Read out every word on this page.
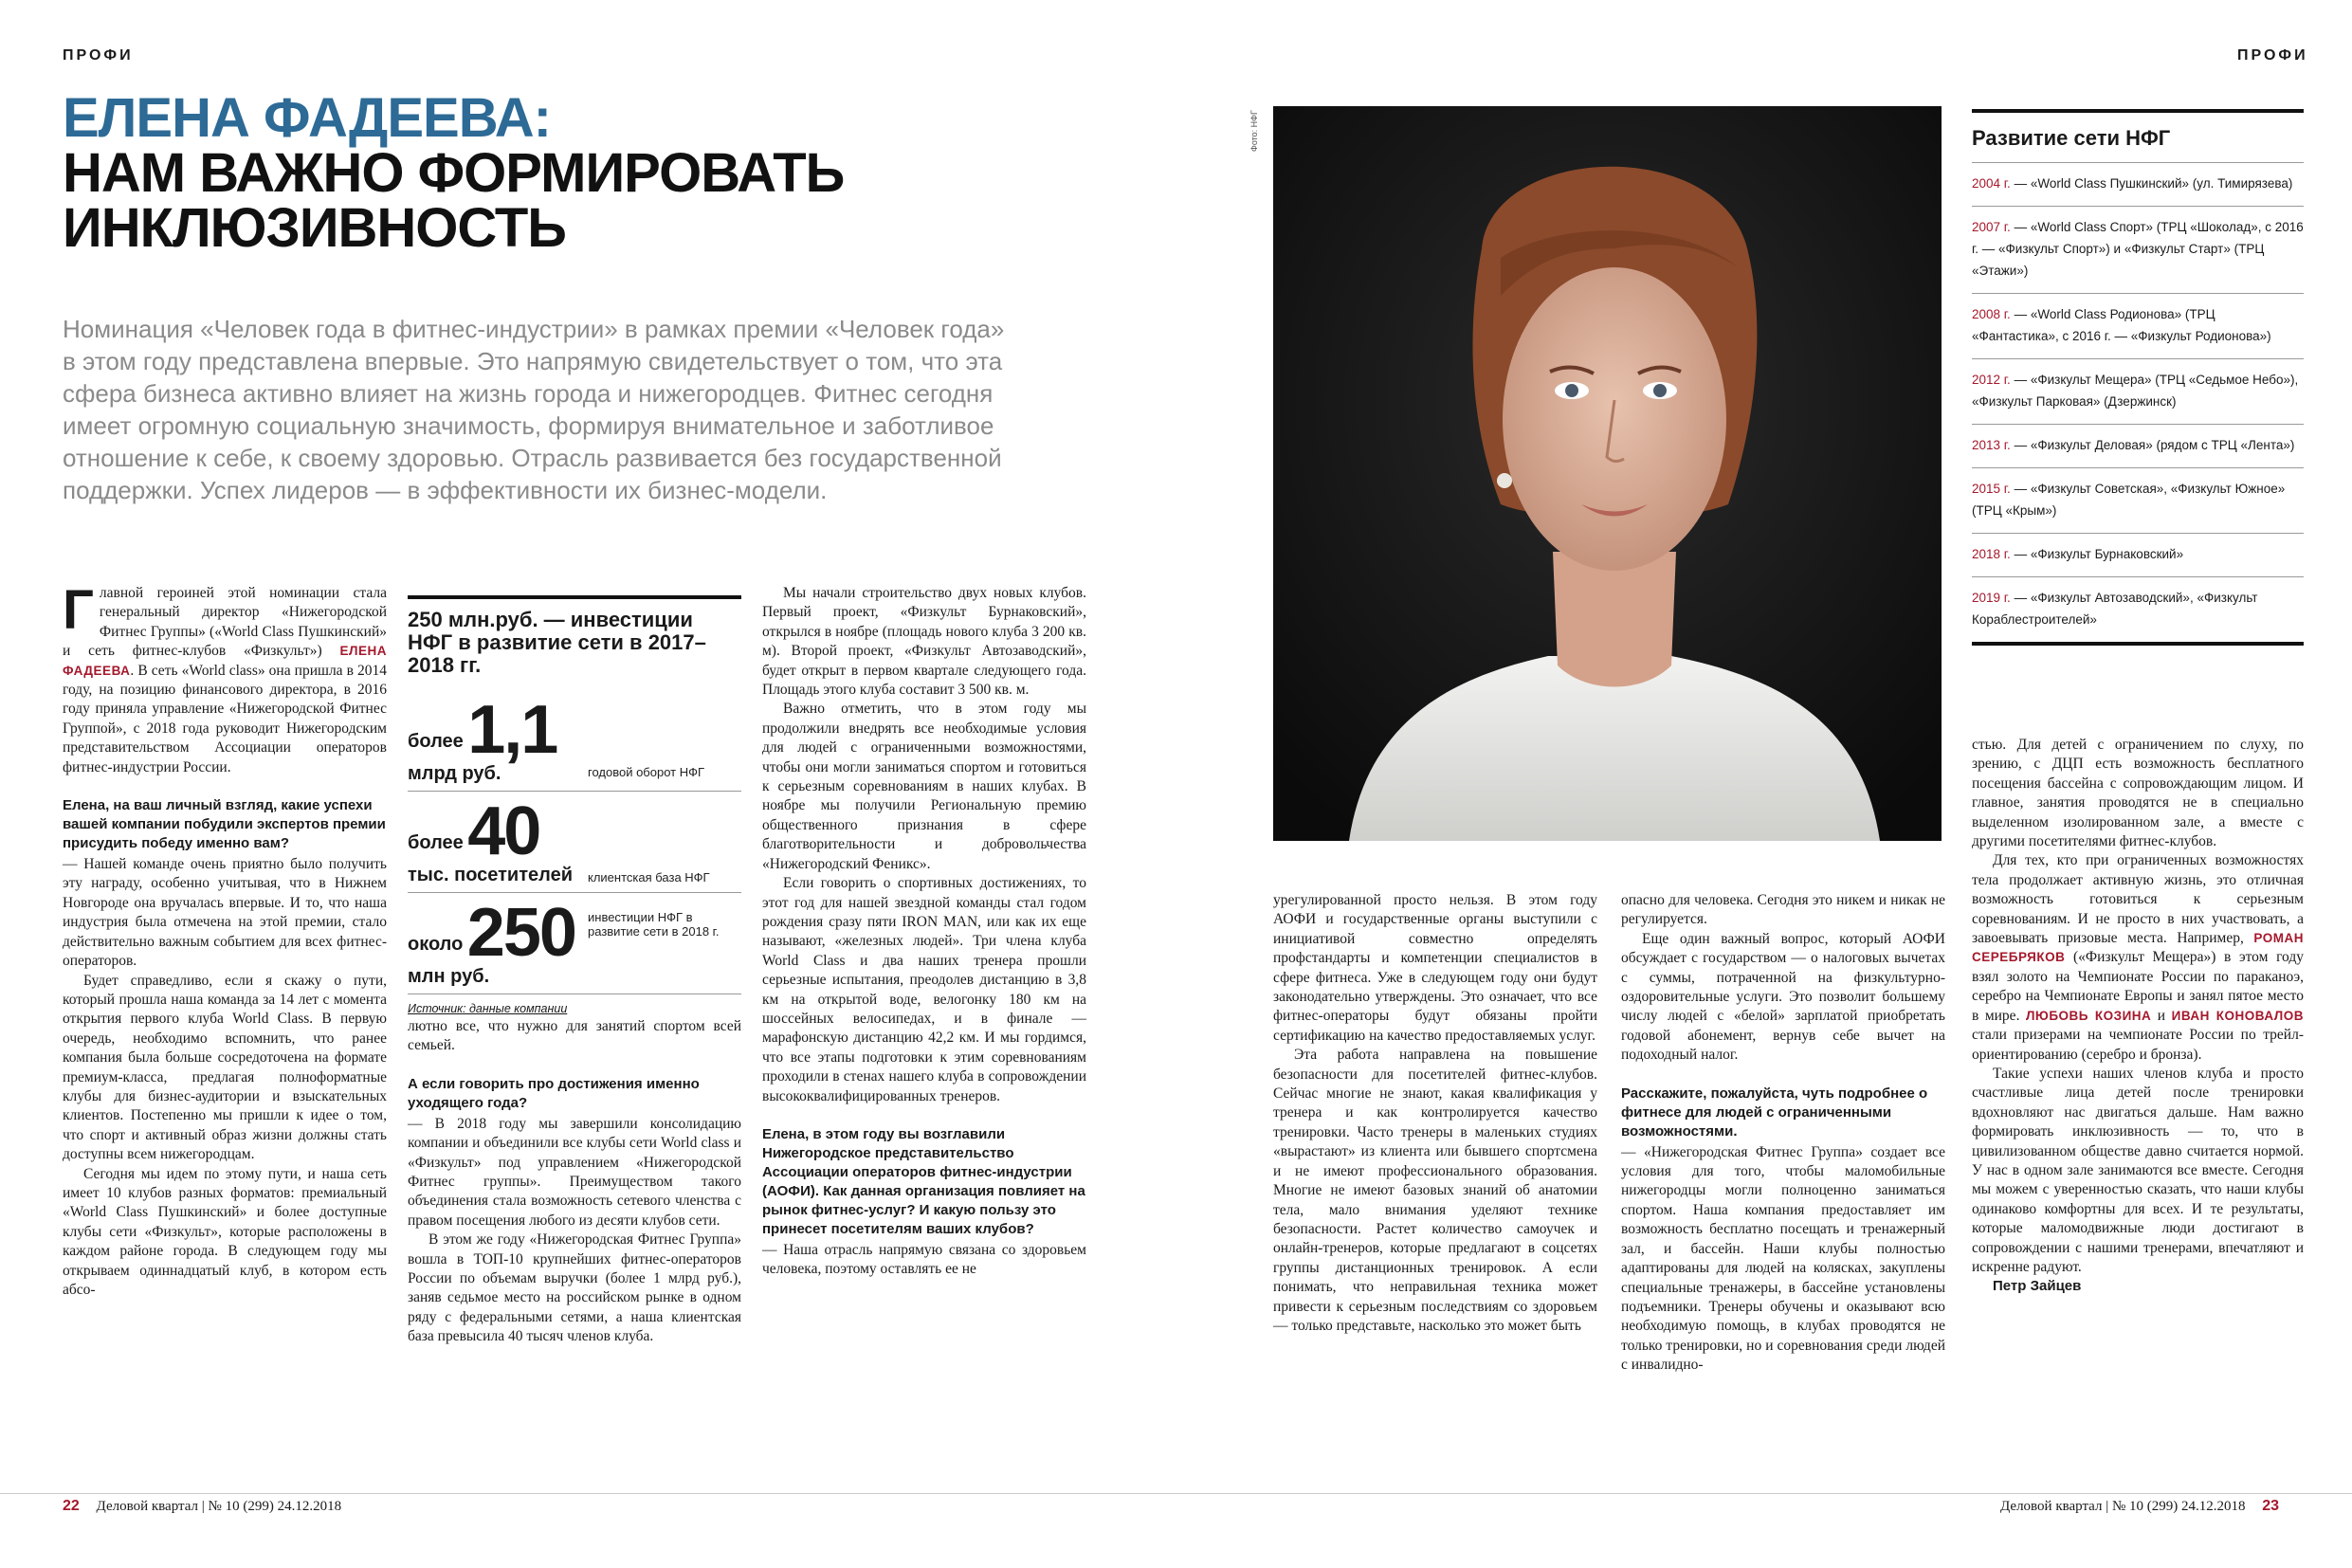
ПРОФИ	ПРОФИ
ЕЛЕНА ФАДЕЕВА:
НАМ ВАЖНО ФОРМИРОВАТЬ
ИНКЛЮЗИВНОСТЬ
Номинация «Человек года в фитнес-индустрии» в рамках премии «Человек года» в этом году представлена впервые. Это напрямую свидетельствует о том, что эта сфера бизнеса активно влияет на жизнь города и нижегородцев. Фитнес сегодня имеет огромную социальную значимость, формируя внимательное и заботливое отношение к себе, к своему здоровью. Отрасль развивается без государственной поддержки. Успех лидеров — в эффективности их бизнес-модели.

Главной героиней этой номинации стала генеральный директор «Нижегородской Фитнес Группы» («World Class Пушкинский» и сеть фитнес-клубов «Физкульт») ЕЛЕНА ФАДЕЕВА. В сеть «World class» она пришла в 2014 году, на позицию финансового директора, в 2016 году приняла управление «Нижегородской Фитнес Группой», с 2018 года руководит Нижегородским представительством Ассоциации операторов фитнес-индустрии России.

Елена, на ваш личный взгляд, какие успехи вашей компании побудили экспертов премии присудить победу именно вам?

— Нашей команде очень приятно было получить эту награду, особенно учитывая, что в Нижнем Новгороде она вручалась впервые. И то, что наша индустрия была отмечена на этой премии, стало действительно важным событием для всех фитнес-операторов.

Будет справедливо, если я скажу о пути, который прошла наша команда за 14 лет с момента открытия первого клуба World Class. В первую очередь, необходимо вспомнить, что ранее компания была больше сосредоточена на формате премиум-класса, предлагая полноформатные клубы для бизнес-аудитории и взыскательных клиентов. Постепенно мы пришли к идее о том, что спорт и активный образ жизни должны стать доступны всем нижегородцам.

Сегодня мы идем по этому пути, и наша сеть имеет 10 клубов разных форматов: премиальный «World Class Пушкинский» и более доступные клубы сети «Физкульт», которые расположены в каждом районе города. В следующем году мы открываем одиннадцатый клуб, в котором есть абсо-

250 млн.руб. — инвестиции НФГ в развитие сети в 2017–2018 гг.
более 1,1
млрд руб.	годовой оборот НФГ
более 40
тыс. посетителей	клиентская база НФГ
около 250
млн руб.
инвестиции НФГ в развитие сети в 2018 г.
Источник: данные компании

лютно все, что нужно для занятий спортом всей семьей.

А если говорить про достижения именно уходящего года?

— В 2018 году мы завершили консолидацию компании и объединили все клубы сети World class и «Физкульт» под управлением «Нижегородской Фитнес группы». Преимуществом такого объединения стала возможность сетевого членства с правом посещения любого из десяти клубов сети.

В этом же году «Нижегородская Фитнес Группа» вошла в ТОП-10 крупнейших фитнес-операторов России по объемам выручки (более 1 млрд руб.), заняв седьмое место на российском рынке в одном ряду с федеральными сетями, а наша клиентская база превысила 40 тысяч членов клуба.

Мы начали строительство двух новых клубов. Первый проект, «Физкульт Бурнаковский», открылся в ноябре (площадь нового клуба 3 200 кв. м). Второй проект, «Физкульт Автозаводский», будет открыт в первом квартале следующего года. Площадь этого клуба составит 3 500 кв. м.

Важно отметить, что в этом году мы продолжили внедрять все необходимые условия для людей с ограниченными возможностями, чтобы они могли заниматься спортом и готовиться к серьезным соревнованиям в наших клубах. В ноябре мы получили Региональную премию общественного признания в сфере благотворительности и добровольчества «Нижегородский Феникс».

Если говорить о спортивных достижениях, то этот год для нашей звездной команды стал годом рождения сразу пяти IRON MAN, или как их еще называют, «железных людей». Три члена клуба World Class и два наших тренера прошли серьезные испытания, преодолев дистанцию в 3,8 км на открытой воде, велогонку 180 км на шоссейных велосипедах, и в финале — марафонскую дистанцию 42,2 км. И мы гордимся, что все этапы подготовки к этим соревнованиям проходили в стенах нашего клуба в сопровождении высококвалифицированных тренеров.

Елена, в этом году вы возглавили Нижегородское представительство Ассоциации операторов фитнес-индустрии (АОФИ). Как данная организация повлияет на рынок фитнес-услуг? И какую пользу это принесет посетителям ваших клубов?

— Наша отрасль напрямую связана со здоровьем человека, поэтому оставлять ее не

Фото: НФГ

урегулированной просто нельзя. В этом году АОФИ и государственные органы выступили с инициативой совместно определять профстандарты и компетенции специалистов в сфере фитнеса. Уже в следующем году они будут законодательно утверждены. Это означает, что все фитнес-операторы будут обязаны пройти сертификацию на качество предоставляемых услуг.

Эта работа направлена на повышение безопасности для посетителей фитнес-клубов. Сейчас многие не знают, какая квалификация у тренера и как контролируется качество тренировки. Часто тренеры в маленьких студиях «вырастают» из клиента или бывшего спортсмена и не имеют профессионального образования. Многие не имеют базовых знаний об анатомии тела, мало внимания уделяют технике безопасности. Растет количество самоучек и онлайн-тренеров, которые предлагают в соцсетях группы дистанционных тренировок. А если понимать, что неправильная техника может привести к серьезным последствиям со здоровьем — только представьте, насколько это может быть

опасно для человека. Сегодня это никем и никак не регулируется.

Еще один важный вопрос, который АОФИ обсуждает с государством — о налоговых вычетах с суммы, потраченной на физкультурно-оздоровительные услуги. Это позволит большему числу людей с «белой» зарплатой приобретать годовой абонемент, вернув себе вычет на подоходный налог.

Расскажите, пожалуйста, чуть подробнее о фитнесе для людей с ограниченными возможностями.

— «Нижегородская Фитнес Группа» создает все условия для того, чтобы маломобильные нижегородцы могли полноценно заниматься спортом. Наша компания предоставляет им возможность бесплатно посещать и тренажерный зал, и бассейн. Наши клубы полностью адаптированы для людей на колясках, закуплены специальные тренажеры, в бассейне установлены подъемники. Тренеры обучены и оказывают всю необходимую помощь, в клубах проводятся не только тренировки, но и соревнования среди людей с инвалидно-

Развитие сети НФГ
2004 г. — «World Class Пушкинский» (ул. Тимирязева)
2007 г. — «World Class Спорт» (ТРЦ «Шоколад», с 2016 г. — «Физкульт Спорт») и «Физкульт Старт» (ТРЦ «Этажи»)
2008 г. — «World Class Родионова» (ТРЦ «Фантастика», с 2016 г. — «Физкульт Родионова»)
2012 г. — «Физкульт Мещера» (ТРЦ «Седьмое Небо»), «Физкульт Парковая» (Дзержинск)
2013 г. — «Физкульт Деловая» (рядом с ТРЦ «Лента»)
2015 г. — «Физкульт Советская», «Физкульт Южное» (ТРЦ «Крым»)
2018 г. — «Физкульт Бурнаковский»
2019 г. — «Физкульт Автозаводский», «Физкульт Кораблестроителей»

стью. Для детей с ограничением по слуху, по зрению, с ДЦП есть возможность бесплатного посещения бассейна с сопровождающим лицом. И главное, занятия проводятся не в специально выделенном изолированном зале, а вместе с другими посетителями фитнес-клубов.

Для тех, кто при ограниченных возможностях тела продолжает активную жизнь, это отличная возможность готовиться к серьезным соревнованиям. И не просто в них участвовать, а завоевывать призовые места. Например, РОМАН СЕРЕБРЯКОВ («Физкульт Мещера») в этом году взял золото на Чемпионате России по параканоэ, серебро на Чемпионате Европы и занял пятое место в мире. ЛЮБОВЬ КОЗИНА и ИВАН КОНОВАЛОВ стали призерами на чемпионате России по трейл-ориентированию (серебро и бронза).

Такие успехи наших членов клуба и просто счастливые лица детей после тренировки вдохновляют нас двигаться дальше. Нам важно формировать инклюзивность — то, что в цивилизованном обществе давно считается нормой. У нас в одном зале занимаются все вместе. Сегодня мы можем с уверенностью сказать, что наши клубы одинаково комфортны для всех. И те результаты, которые маломодвижные люди достигают в сопровождении с нашими тренерами, впечатляют и искренне радуют.

Петр Зайцев

22 Деловой квартал | № 10 (299) 24.12.2018	Деловой квартал | № 10 (299) 24.12.2018 23
